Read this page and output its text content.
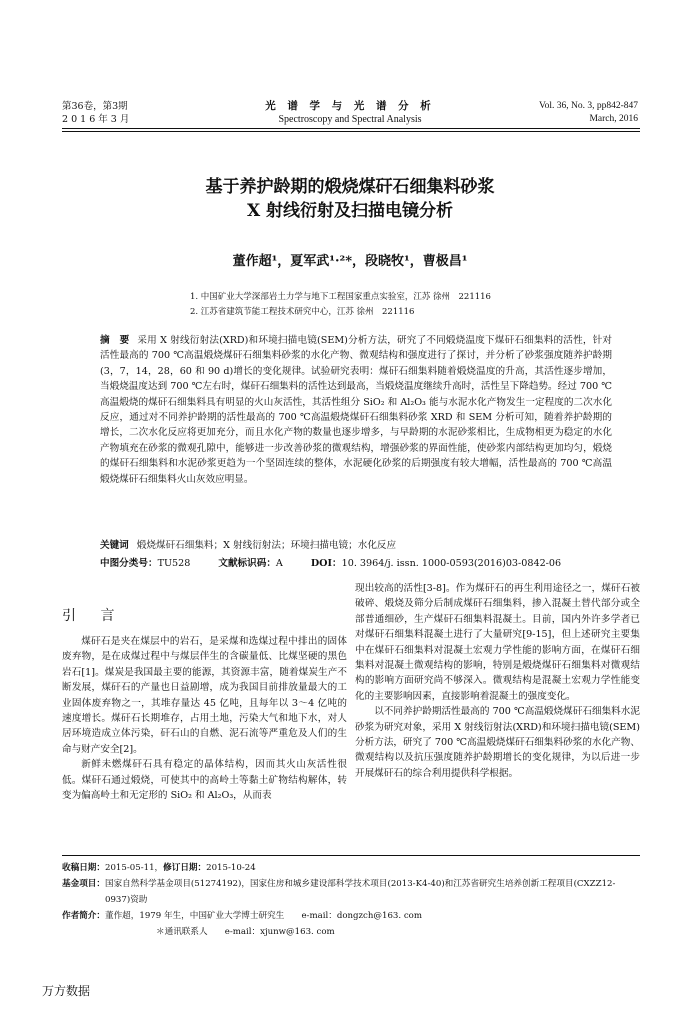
第36卷，第3期
2 0 1 6 年 3 月
光 谱 学 与 光 谱 分 析
Spectroscopy and Spectral Analysis
Vol. 36, No. 3, pp842-847
March, 2016
基于养护龄期的煅烧煤矸石细集料砂浆
X 射线衍射及扫描电镜分析
董作超¹，夏军武¹·²*，段晓牧¹，曹极昌¹
1. 中国矿业大学深部岩土力学与地下工程国家重点实验室，江苏 徐州　221116
2. 江苏省建筑节能工程技术研究中心，江苏 徐州　221116
摘　要 采用 X 射线衍射法(XRD)和环境扫描电镜(SEM)分析方法，研究了不同煅烧温度下煤矸石细集料的活性，针对活性最高的 700 ℃高温煅烧煤矸石细集料砂浆的水化产物、微观结构和强度进行了探讨，并分析了砂浆强度随养护龄期(3，7，14，28，60 和 90 d)增长的变化规律。试验研究表明：煤矸石细集料随着煅烧温度的升高，其活性逐步增加，当煅烧温度达到 700 ℃左右时，煤矸石细集料的活性达到最高，当煅烧温度继续升高时，活性呈下降趋势。经过 700 ℃高温煅烧的煤矸石细集料具有明显的火山灰活性，其活性组分 SiO₂ 和 Al₂O₃ 能与水泥水化产物发生一定程度的二次水化反应，通过对不同养护龄期的活性最高的 700 ℃高温煅烧煤矸石细集料砂浆 XRD 和 SEM 分析可知，随着养护龄期的增长，二次水化反应将更加充分，而且水化产物的数量也逐步增多，与早龄期的水泥砂浆相比，生成物相更为稳定的水化产物填充在砂浆的微观孔隙中，能够进一步改善砂浆的微观结构，增强砂浆的界面性能，使砂浆内部结构更加均匀，煅烧的煤矸石细集料和水泥砂浆更趋为一个坚固连续的整体，水泥硬化砂浆的后期强度有较大增幅，活性最高的 700 ℃高温煅烧煤矸石细集料火山灰效应明显。
关键词 煅烧煤矸石细集料；X 射线衍射法；环境扫描电镜；水化反应
中图分类号：TU528	文献标识码：A	DOI：10. 3964/j. issn. 1000-0593(2016)03-0842-06
引 言

煤矸石是夹在煤层中的岩石，是采煤和选煤过程中排出的固体废弃物，是在成煤过程中与煤层伴生的含碳量低、比煤坚硬的黑色岩石[1]。煤炭是我国最主要的能源，其资源丰富，随着煤炭生产不断发展，煤矸石的产量也日益剧增，成为我国目前排放量最大的工业固体废弃物之一，其堆存量达 45 亿吨，且每年以 3～4 亿吨的速度增长。煤矸石长期堆存，占用土地，污染大气和地下水，对人居环境造成立体污染，矸石山的自燃、泥石流等严重危及人们的生命与财产安全[2]。

新鲜未燃煤矸石具有稳定的晶体结构，因而其火山灰活性很低。煤矸石通过煅烧，可使其中的高岭土等黏土矿物结构解体，转变为偏高岭土和无定形的 SiO₂ 和 Al₂O₃，从而表

现出较高的活性[3-8]。作为煤矸石的再生利用途径之一，煤矸石被破碎、煅烧及筛分后制成煤矸石细集料，掺入混凝土替代部分或全部普通细砂，生产煤矸石细集料混凝土。目前，国内外许多学者已对煤矸石细集料混凝土进行了大量研究[9-15]，但上述研究主要集中在煤矸石细集料对混凝土宏观力学性能的影响方面，在煤矸石细集料对混凝土微观结构的影响，特别是煅烧煤矸石细集料对微观结构的影响方面研究尚不够深入。微观结构是混凝土宏观力学性能变化的主要影响因素，直接影响着混凝土的强度变化。

以不同养护龄期活性最高的 700 ℃高温煅烧煤矸石细集料水泥砂浆为研究对象，采用 X 射线衍射法(XRD)和环境扫描电镜(SEM)分析方法，研究了 700 ℃高温煅烧煤矸石细集料砂浆的水化产物、微观结构以及抗压强度随养护龄期增长的变化规律，为以后进一步开展煤矸石的综合利用提供科学根据。

收稿日期：2015-05-11，修订日期：2015-10-24
基金项目： 国家自然科学基金项目(51274192)，国家住房和城乡建设部科学技术项目(2013-K4-40)和江苏省研究生培养创新工程项目(CXZZ12-0937)资助
作者简介：董作超，1979 年生，中国矿业大学博士研究生　　e-mail：dongzch@163. com
＊通讯联系人　　e-mail：xjunw@163. com
万方数据
